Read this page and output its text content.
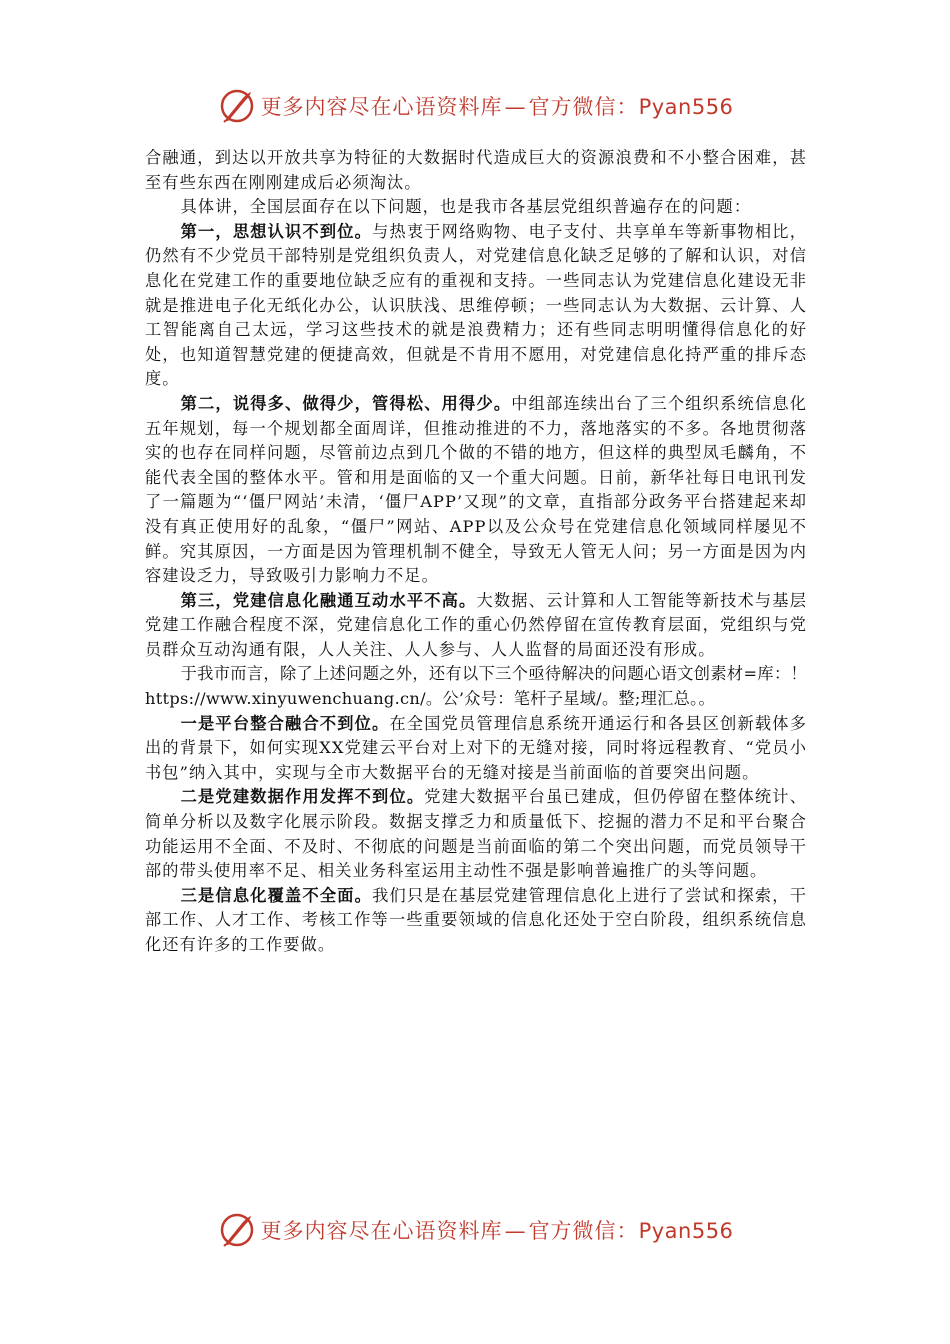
更多内容尽在心语资料库—官方微信：Pyan556

合融通，到达以开放共享为特征的大数据时代造成巨大的资源浪费和不小整合困难，甚至有些东西在刚刚建成后必须淘汰。

具体讲，全国层面存在以下问题，也是我市各基层党组织普遍存在的问题：

第一，思想认识不到位。与热衷于网络购物、电子支付、共享单车等新事物相比，仍然有不少党员干部特别是党组织负责人，对党建信息化缺乏足够的了解和认识，对信息化在党建工作的重要地位缺乏应有的重视和支持。一些同志认为党建信息化建设无非就是推进电子化无纸化办公，认识肤浅、思维停顿；一些同志认为大数据、云计算、人工智能离自己太远，学习这些技术的就是浪费精力；还有些同志明明懂得信息化的好处，也知道智慧党建的便捷高效，但就是不肯用不愿用，对党建信息化持严重的排斥态度。

第二，说得多、做得少，管得松、用得少。中组部连续出台了三个组织系统信息化五年规划，每一个规划都全面周详，但推动推进的不力，落地落实的不多。各地贯彻落实的也存在同样问题，尽管前边点到几个做的不错的地方，但这样的典型凤毛麟角，不能代表全国的整体水平。管和用是面临的又一个重大问题。日前，新华社每日电讯刊发了一篇题为“‘僵尸网站’未清，‘僵尸APP’又现”的文章，直指部分政务平台搭建起来却没有真正使用好的乱象，“僵尸”网站、APP以及公众号在党建信息化领域同样屡见不鲜。究其原因，一方面是因为管理机制不健全，导致无人管无人问；另一方面是因为内容建设乏力，导致吸引力影响力不足。

第三，党建信息化融通互动水平不高。大数据、云计算和人工智能等新技术与基层党建工作融合程度不深，党建信息化工作的重心仍然停留在宣传教育层面，党组织与党员群众互动沟通有限，人人关注、人人参与、人人监督的局面还没有形成。

于我市而言，除了上述问题之外，还有以下三个亟待解决的问题心语文创素材=库：！https://www.xinyuwenchuang.cn/。公’众号：笔杆子星域/。整;理汇总。。

一是平台整合融合不到位。在全国党员管理信息系统开通运行和各县区创新载体多出的背景下，如何实现XX党建云平台对上对下的无缝对接，同时将远程教育、“党员小书包”纳入其中，实现与全市大数据平台的无缝对接是当前面临的首要突出问题。

二是党建数据作用发挥不到位。党建大数据平台虽已建成，但仍停留在整体统计、简单分析以及数字化展示阶段。数据支撑乏力和质量低下、挖掘的潜力不足和平台聚合功能运用不全面、不及时、不彻底的问题是当前面临的第二个突出问题，而党员领导干部的带头使用率不足、相关业务科室运用主动性不强是影响普遍推广的头等问题。

三是信息化覆盖不全面。我们只是在基层党建管理信息化上进行了尝试和探索，干部工作、人才工作、考核工作等一些重要领域的信息化还处于空白阶段，组织系统信息化还有许多的工作要做。

更多内容尽在心语资料库—官方微信：Pyan556
